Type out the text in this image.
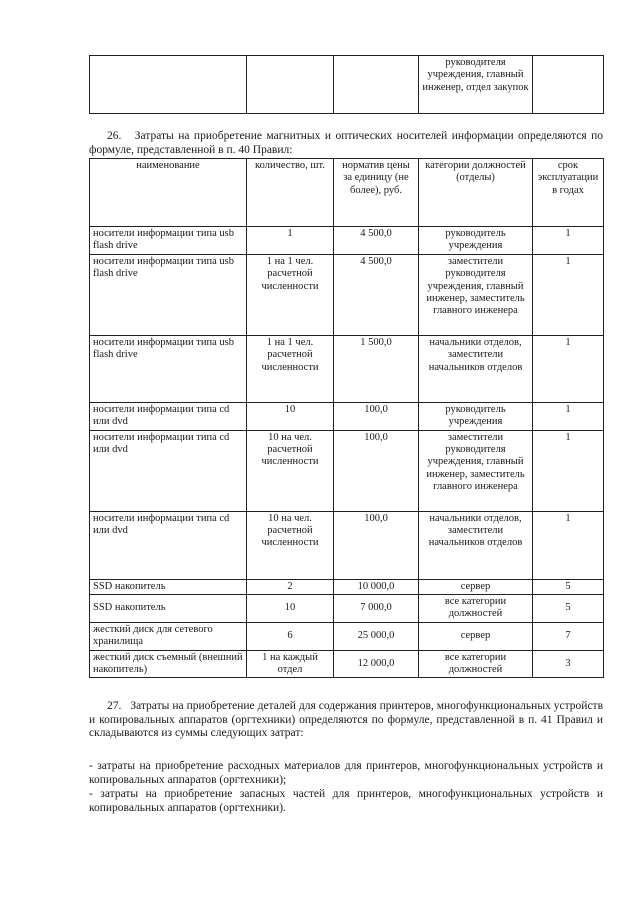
			руководителя учреждения, главный инженер, отдел закупок	
26. Затраты на приобретение магнитных и оптических носителей информации определяются по формуле, представленной в п. 40 Правил:
наименование	количество, шт.	норматив цены за единицу (не более), руб.	категории должностей (отделы)	срок эксплуатации в годах
носители информации типа usb flash drive	1	4 500,0	руководитель учреждения	1
носители информации типа usb flash drive	1 на 1 чел. расчетной численности	4 500,0	заместители руководителя учреждения, главный инженер, заместитель главного инженера	1
носители информации типа usb flash drive	1 на 1 чел. расчетной численности	1 500,0	начальники отделов, заместители начальников отделов	1
носители информации типа cd или dvd	10	100,0	руководитель учреждения	1
носители информации типа cd или dvd	10 на чел. расчетной численности	100,0	заместители руководителя учреждения, главный инженер, заместитель главного инженера	1
носители информации типа cd или dvd	10 на чел. расчетной численности	100,0	начальники отделов, заместители начальников отделов	1
SSD накопитель	2	10 000,0	сервер	5
SSD накопитель	10	7 000,0	все категории должностей	5
жесткий диск для сетевого хранилища	6	25 000,0	сервер	7
жесткий диск съемный (внешний накопитель)	1 на каждый отдел	12 000,0	все категории должностей	3
27. Затраты на приобретение деталей для содержания принтеров, многофункциональных устройств и копировальных аппаратов (оргтехники) определяются по формуле, представленной в п. 41 Правил и складываются из суммы следующих затрат:
- затраты на приобретение расходных материалов для принтеров, многофункциональных устройств и копировальных аппаратов (оргтехники);
- затраты на приобретение запасных частей для принтеров, многофункциональных устройств и копировальных аппаратов (оргтехники).
